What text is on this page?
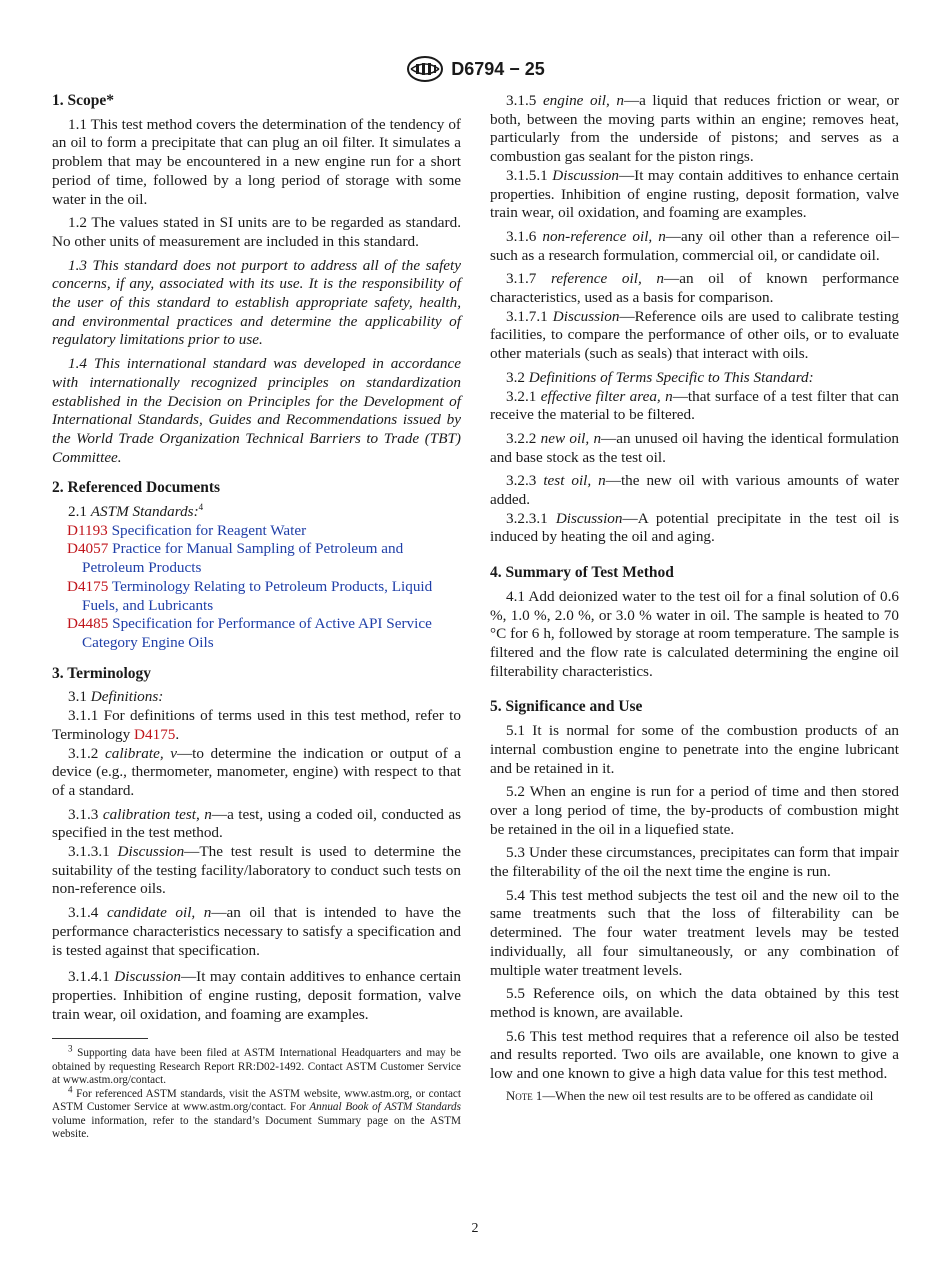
D6794 − 25

1. Scope*

1.1 This test method covers the determination of the tendency of an oil to form a precipitate that can plug an oil filter. It simulates a problem that may be encountered in a new engine run for a short period of time, followed by a long period of storage with some water in the oil.

1.2 The values stated in SI units are to be regarded as standard. No other units of measurement are included in this standard.

1.3 This standard does not purport to address all of the safety concerns, if any, associated with its use. It is the responsibility of the user of this standard to establish appropriate safety, health, and environmental practices and determine the applicability of regulatory limitations prior to use.

1.4 This international standard was developed in accordance with internationally recognized principles on standardization established in the Decision on Principles for the Development of International Standards, Guides and Recommendations issued by the World Trade Organization Technical Barriers to Trade (TBT) Committee.

2. Referenced Documents

2.1 ASTM Standards:$^4$

D1193 Specification for Reagent Water

D4057 Practice for Manual Sampling of Petroleum and Petroleum Products

D4175 Terminology Relating to Petroleum Products, Liquid Fuels, and Lubricants

D4485 Specification for Performance of Active API Service Category Engine Oils

3. Terminology

3.1 Definitions:

3.1.1 For definitions of terms used in this test method, refer to Terminology D4175.

3.1.2 calibrate, v—to determine the indication or output of a device (e.g., thermometer, manometer, engine) with respect to that of a standard.

3.1.3 calibration test, n—a test, using a coded oil, conducted as specified in the test method.

3.1.3.1 Discussion—The test result is used to determine the suitability of the testing facility/laboratory to conduct such tests on non-reference oils.

3.1.4 candidate oil, n—an oil that is intended to have the performance characteristics necessary to satisfy a specification and is tested against that specification.

3.1.4.1 Discussion—It may contain additives to enhance certain properties. Inhibition of engine rusting, deposit formation, valve train wear, oil oxidation, and foaming are examples.

$^3$ Supporting data have been filed at ASTM International Headquarters and may be obtained by requesting Research Report RR:D02-1492. Contact ASTM Customer Service at www.astm.org/contact.

$^4$ For referenced ASTM standards, visit the ASTM website, www.astm.org, or contact ASTM Customer Service at www.astm.org/contact. For Annual Book of ASTM Standards volume information, refer to the standard’s Document Summary page on the ASTM website.

3.1.5 engine oil, n—a liquid that reduces friction or wear, or both, between the moving parts within an engine; removes heat, particularly from the underside of pistons; and serves as a combustion gas sealant for the piston rings.

3.1.5.1 Discussion—It may contain additives to enhance certain properties. Inhibition of engine rusting, deposit formation, valve train wear, oil oxidation, and foaming are examples.

3.1.6 non-reference oil, n—any oil other than a reference oil–such as a research formulation, commercial oil, or candidate oil.

3.1.7 reference oil, n—an oil of known performance characteristics, used as a basis for comparison.

3.1.7.1 Discussion—Reference oils are used to calibrate testing facilities, to compare the performance of other oils, or to evaluate other materials (such as seals) that interact with oils.

3.2 Definitions of Terms Specific to This Standard:

3.2.1 effective filter area, n—that surface of a test filter that can receive the material to be filtered.

3.2.2 new oil, n—an unused oil having the identical formulation and base stock as the test oil.

3.2.3 test oil, n—the new oil with various amounts of water added.

3.2.3.1 Discussion—A potential precipitate in the test oil is induced by heating the oil and aging.

4. Summary of Test Method

4.1 Add deionized water to the test oil for a final solution of 0.6 %, 1.0 %, 2.0 %, or 3.0 % water in oil. The sample is heated to 70 °C for 6 h, followed by storage at room temperature. The sample is filtered and the flow rate is calculated determining the engine oil filterability characteristics.

5. Significance and Use

5.1 It is normal for some of the combustion products of an internal combustion engine to penetrate into the engine lubricant and be retained in it.

5.2 When an engine is run for a period of time and then stored over a long period of time, the by-products of combustion might be retained in the oil in a liquefied state.

5.3 Under these circumstances, precipitates can form that impair the filterability of the oil the next time the engine is run.

5.4 This test method subjects the test oil and the new oil to the same treatments such that the loss of filterability can be determined. The four water treatment levels may be tested individually, all four simultaneously, or any combination of multiple water treatment levels.

5.5 Reference oils, on which the data obtained by this test method is known, are available.

5.6 This test method requires that a reference oil also be tested and results reported. Two oils are available, one known to give a low and one known to give a high data value for this test method.

Note 1—When the new oil test results are to be offered as candidate oil

2
